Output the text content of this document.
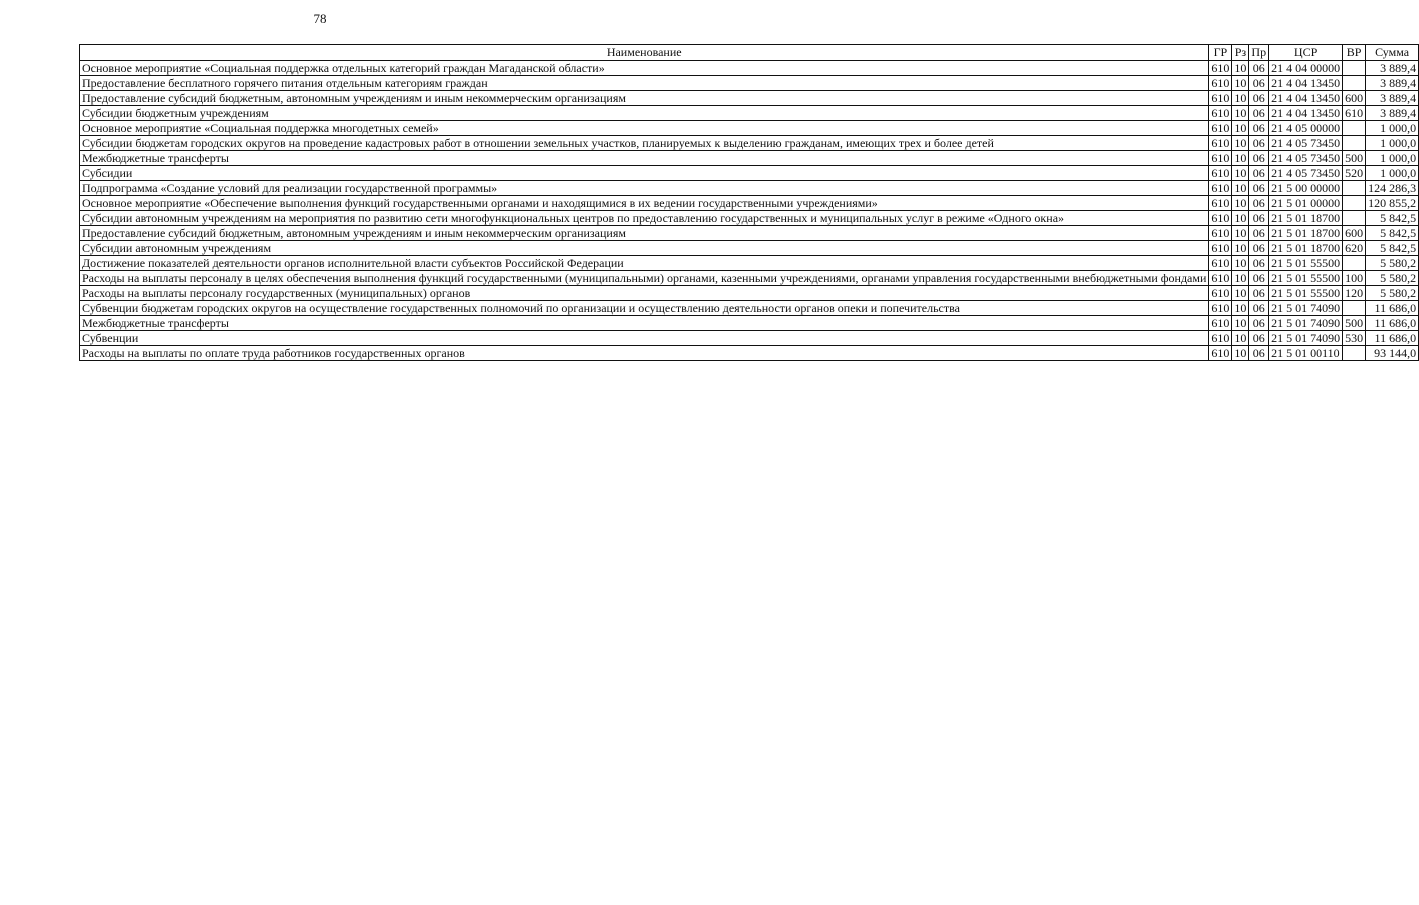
78
Наименование	ГР	Рз	Пр	ЦСР	ВР	Сумма
Основное мероприятие «Социальная поддержка отдельных категорий граждан Магаданской области»	610	10	06	21 4 04 00000		3 889,4
Предоставление бесплатного горячего питания отдельным категориям граждан	610	10	06	21 4 04 13450		3 889,4
Предоставление субсидий бюджетным, автономным учреждениям и иным некоммерческим организациям	610	10	06	21 4 04 13450	600	3 889,4
Субсидии бюджетным учреждениям	610	10	06	21 4 04 13450	610	3 889,4
Основное мероприятие «Социальная поддержка многодетных семей»	610	10	06	21 4 05 00000		1 000,0
Субсидии бюджетам городских округов на проведение кадастровых работ в отношении земельных участков, планируемых к выделению гражданам, имеющих трех и более детей	610	10	06	21 4 05 73450		1 000,0
Межбюджетные трансферты	610	10	06	21 4 05 73450	500	1 000,0
Субсидии	610	10	06	21 4 05 73450	520	1 000,0
Подпрограмма «Создание условий для реализации государственной программы»	610	10	06	21 5 00 00000		124 286,3
Основное мероприятие «Обеспечение выполнения функций государственными органами и находящимися в их ведении государственными учреждениями»	610	10	06	21 5 01 00000		120 855,2
Субсидии автономным учреждениям на мероприятия по развитию сети многофункциональных центров по предоставлению государственных и муниципальных услуг в режиме «Одного окна»	610	10	06	21 5 01 18700		5 842,5
Предоставление субсидий бюджетным, автономным учреждениям и иным некоммерческим организациям	610	10	06	21 5 01 18700	600	5 842,5
Субсидии автономным учреждениям	610	10	06	21 5 01 18700	620	5 842,5
Достижение показателей деятельности органов исполнительной власти субъектов Российской Федерации	610	10	06	21 5 01 55500		5 580,2
Расходы на выплаты персоналу в целях обеспечения выполнения функций государственными (муниципальными) органами, казенными учреждениями, органами управления государственными внебюджетными фондами	610	10	06	21 5 01 55500	100	5 580,2
Расходы на выплаты персоналу государственных (муниципальных) органов	610	10	06	21 5 01 55500	120	5 580,2
Субвенции бюджетам городских округов на осуществление государственных полномочий по организации и осуществлению деятельности органов опеки и попечительства	610	10	06	21 5 01 74090		11 686,0
Межбюджетные трансферты	610	10	06	21 5 01 74090	500	11 686,0
Субвенции	610	10	06	21 5 01 74090	530	11 686,0
Расходы на выплаты по оплате труда работников государственных органов	610	10	06	21 5 01 00110		93 144,0
